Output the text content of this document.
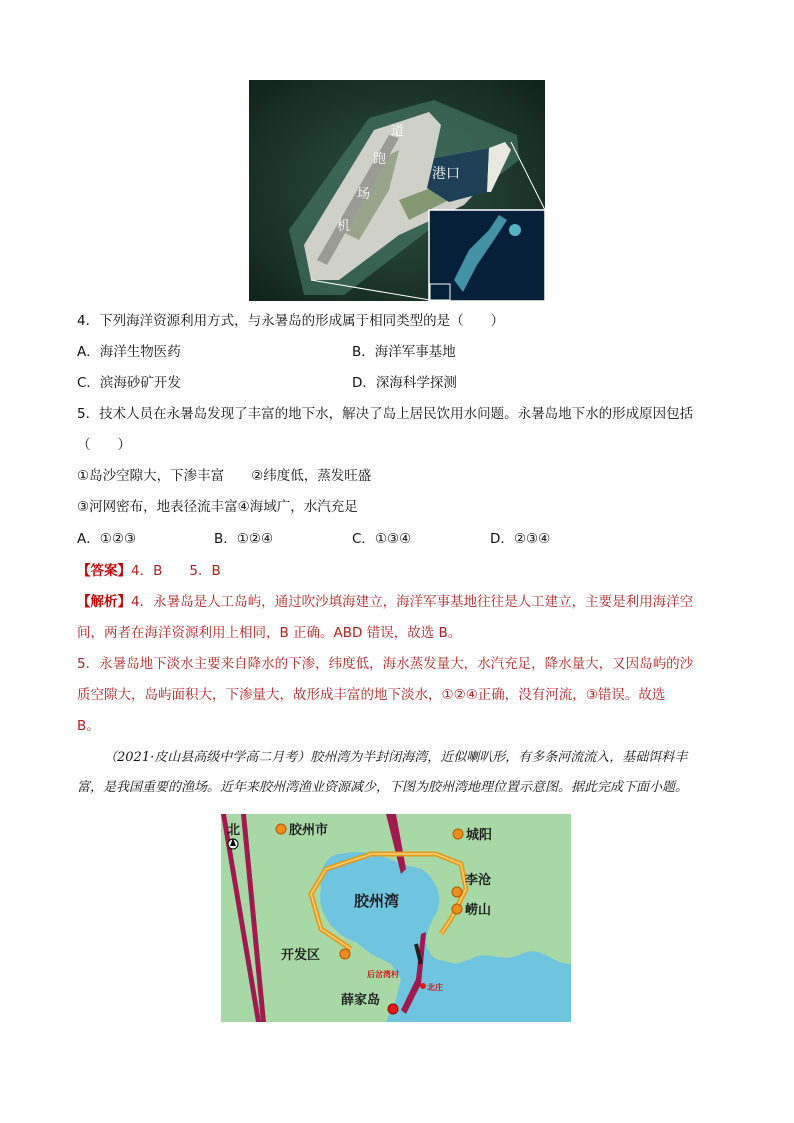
机
场
跑
道
港口
4．下列海洋资源利用方式，与永暑岛的形成属于相同类型的是（　　）
A．海洋生物医药	B．海洋军事基地
C．滨海砂矿开发	D．深海科学探测
5．技术人员在永暑岛发现了丰富的地下水，解决了岛上居民饮用水问题。永暑岛地下水的形成原因包括
（　　）
①岛沙空隙大，下渗丰富　　②纬度低，蒸发旺盛
③河网密布，地表径流丰富④海域广，水汽充足
A．①②③	B．①②④	C．①③④	D．②③④
【答案】4．B　　5．B
【解析】4．永暑岛是人工岛屿，通过吹沙填海建立，海洋军事基地往往是人工建立，主要是利用海洋空
间，两者在海洋资源利用上相同，B 正确。ABD 错误，故选 B。
5．永暑岛地下淡水主要来自降水的下渗，纬度低，海水蒸发量大，水汽充足，降水量大，又因岛屿的沙
质空隙大，岛屿面积大，下渗量大，故形成丰富的地下淡水，①②④正确，没有河流，③错误。故选
B。
（2021·皮山县高级中学高二月考）胶州湾为半封闭海湾，近似喇叭形，有多条河流流入，基础饵料丰
富，是我国重要的渔场。近年来胶州湾渔业资源减少，下图为胶州湾地理位置示意图。据此完成下面小题。
北	胶州市	城阳
李沧
崂山
胶州湾
开发区
薛家岛
后岔湾村
北庄
